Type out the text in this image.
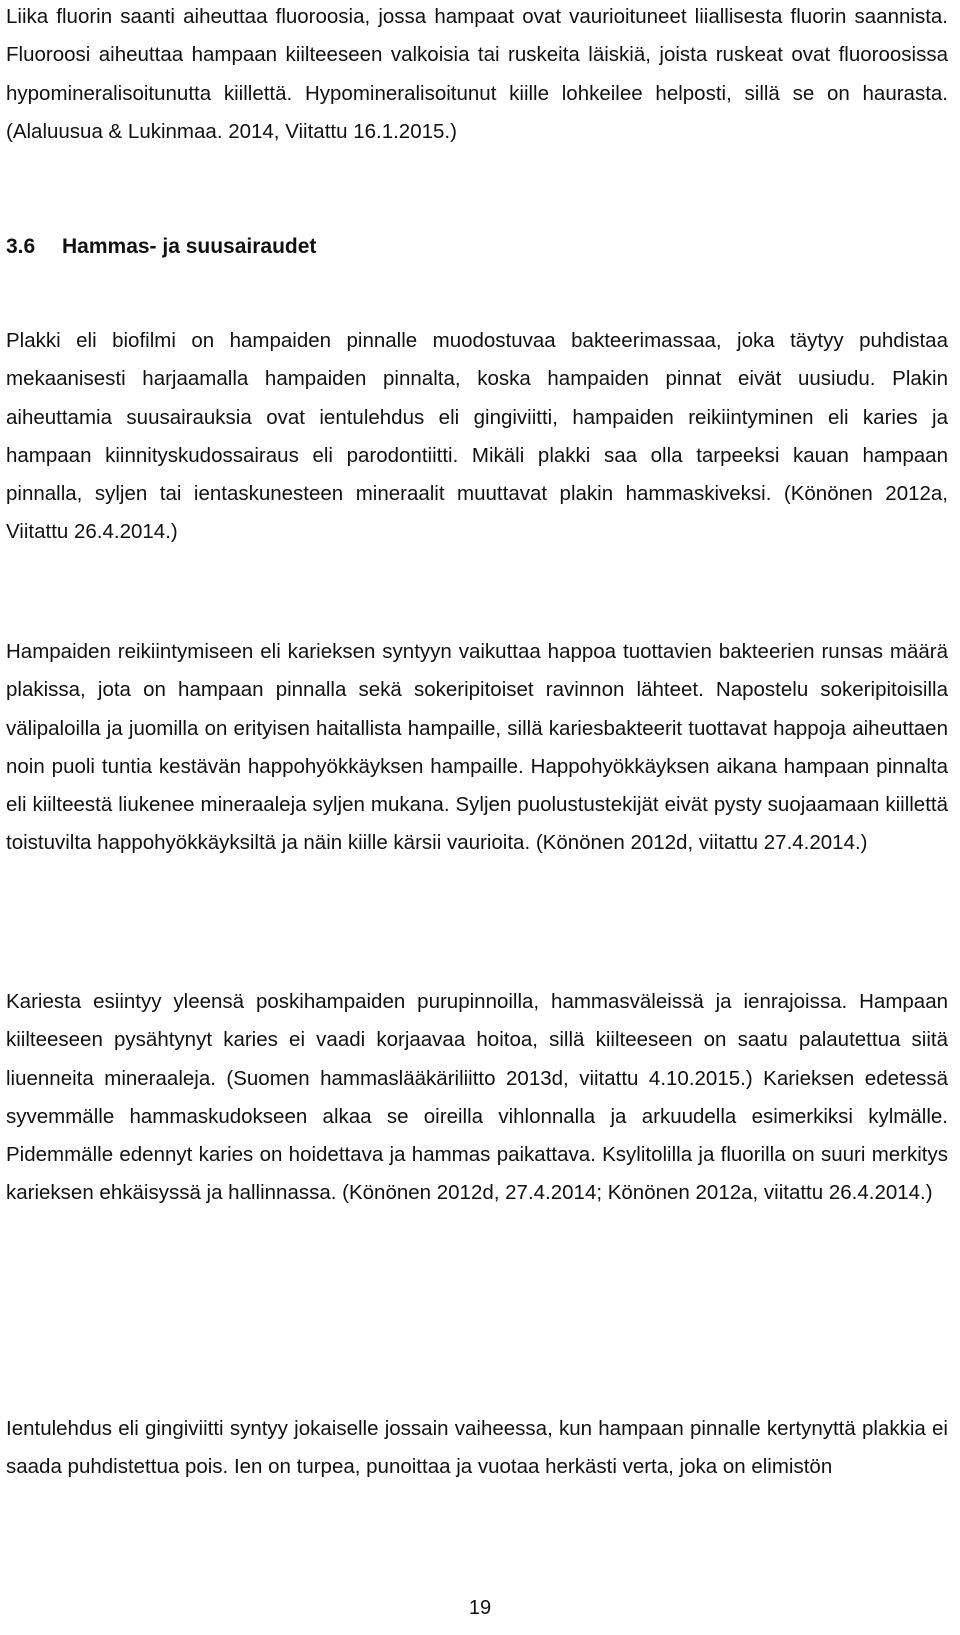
Liika fluorin saanti aiheuttaa fluoroosia, jossa hampaat ovat vaurioituneet liiallisesta fluorin saannista. Fluoroosi aiheuttaa hampaan kiilteeseen valkoisia tai ruskeita läiskiä, joista ruskeat ovat fluoroosissa hypomineralisoitunutta kiillettä. Hypomineralisoitunut kiille lohkeilee helposti, sillä se on haurasta. (Alaluusua & Lukinmaa. 2014, Viitattu 16.1.2015.)

3.6 Hammas- ja suusairaudet

Plakki eli biofilmi on hampaiden pinnalle muodostuvaa bakteerimassaa, joka täytyy puhdistaa mekaanisesti harjaamalla hampaiden pinnalta, koska hampaiden pinnat eivät uusiudu. Plakin aiheuttamia suusairauksia ovat ientulehdus eli gingiviitti, hampaiden reikiintyminen eli karies ja hampaan kiinnityskudossairaus eli parodontiitti. Mikäli plakki saa olla tarpeeksi kauan hampaan pinnalla, syljen tai ientaskunesteen mineraalit muuttavat plakin hammaskiveksi. (Könönen 2012a, Viitattu 26.4.2014.)

Hampaiden reikiintymiseen eli karieksen syntyyn vaikuttaa happoa tuottavien bakteerien runsas määrä plakissa, jota on hampaan pinnalla sekä sokeripitoiset ravinnon lähteet. Napostelu sokeripitoisilla välipaloilla ja juomilla on erityisen haitallista hampaille, sillä kariesbakteerit tuottavat happoja aiheuttaen noin puoli tuntia kestävän happohyökkäyksen hampaille. Happohyökkäyksen aikana hampaan pinnalta eli kiilteestä liukenee mineraaleja syljen mukana. Syljen puolustustekijät eivät pysty suojaamaan kiillettä toistuvilta happohyökkäyksiltä ja näin kiille kärsii vaurioita. (Könönen 2012d, viitattu 27.4.2014.)

Kariesta esiintyy yleensä poskihampaiden purupinnoilla, hammasväleissä ja ienrajoissa. Hampaan kiilteeseen pysähtynyt karies ei vaadi korjaavaa hoitoa, sillä kiilteeseen on saatu palautettua siitä liuenneita mineraaleja. (Suomen hammaslääkäriliitto 2013d, viitattu 4.10.2015.) Karieksen edetessä syvemmälle hammaskudokseen alkaa se oireilla vihlonnalla ja arkuudella esimerkiksi kylmälle. Pidemmälle edennyt karies on hoidettava ja hammas paikattava. Ksylitolilla ja fluorilla on suuri merkitys karieksen ehkäisyssä ja hallinnassa. (Könönen 2012d, 27.4.2014; Könönen 2012a, viitattu 26.4.2014.)

Ientulehdus eli gingiviitti syntyy jokaiselle jossain vaiheessa, kun hampaan pinnalle kertynyttä plakkia ei saada puhdistettua pois. Ien on turpea, punoittaa ja vuotaa herkästi verta, joka on elimistön

19
